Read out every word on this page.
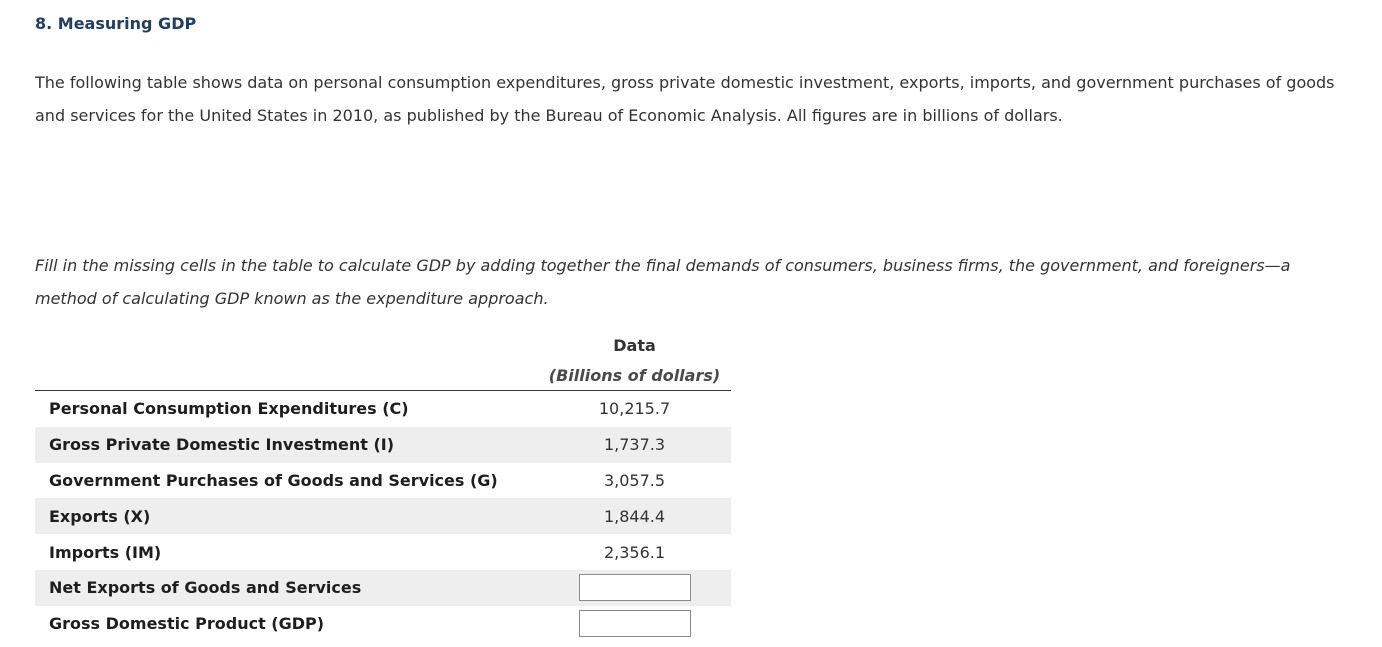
8. Measuring GDP

The following table shows data on personal consumption expenditures, gross private domestic investment, exports, imports, and government purchases of goods and services for the United States in 2010, as published by the Bureau of Economic Analysis. All figures are in billions of dollars.

Fill in the missing cells in the table to calculate GDP by adding together the final demands of consumers, business firms, the government, and foreigners—a method of calculating GDP known as the expenditure approach.

	Data
	(Billions of dollars)
Personal Consumption Expenditures (C)	10,215.7
Gross Private Domestic Investment (I)	1,737.3
Government Purchases of Goods and Services (G)	3,057.5
Exports (X)	1,844.4
Imports (IM)	2,356.1
Net Exports of Goods and Services	

Gross Domestic Product (GDP)	
